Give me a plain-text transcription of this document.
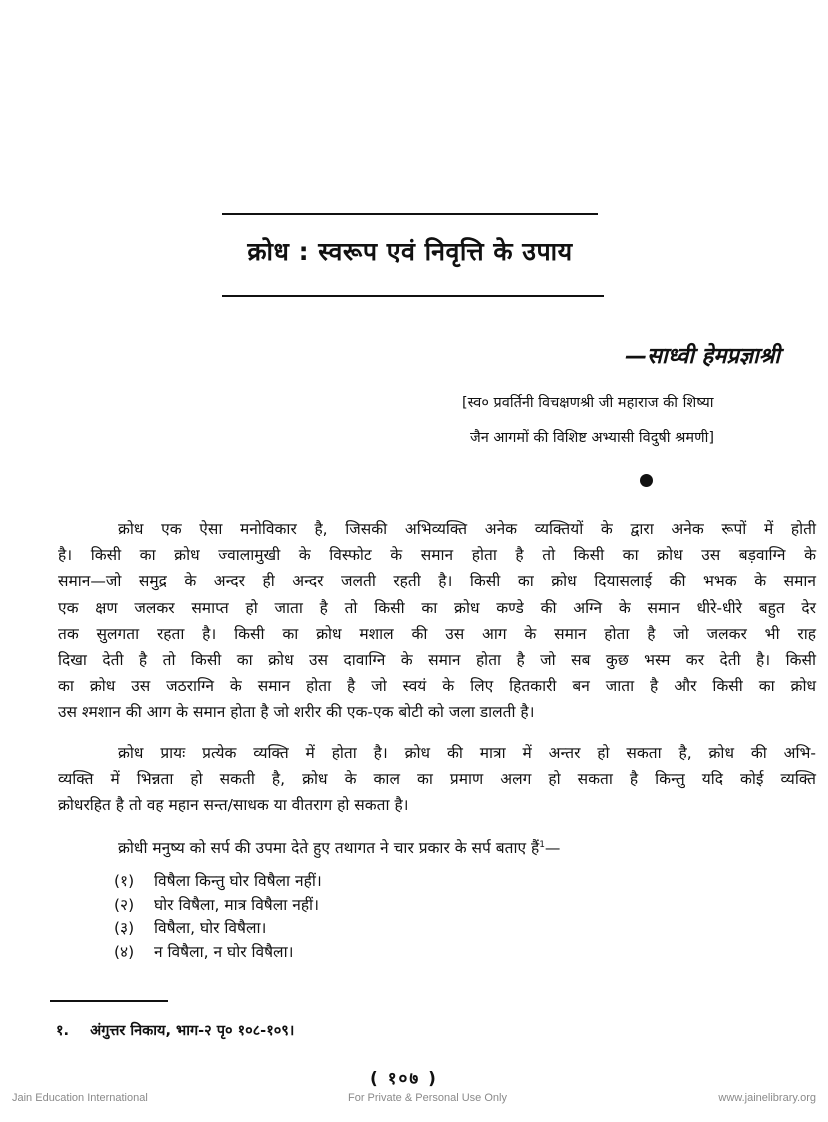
क्रोध : स्वरूप एवं निवृत्ति के उपाय
—साध्वी हेमप्रज्ञाश्री
[स्व० प्रवर्तिनी विचक्षणश्री जी महाराज की शिष्या
जैन आगमों की विशिष्ट अभ्यासी विदुषी श्रमणी]
क्रोध एक ऐसा मनोविकार है, जिसकी अभिव्यक्ति अनेक व्यक्तियों के द्वारा अनेक रूपों में होती
है। किसी का क्रोध ज्वालामुखी के विस्फोट के समान होता है तो किसी का क्रोध उस बड़वाग्नि के
समान—जो समुद्र के अन्दर ही अन्दर जलती रहती है। किसी का क्रोध दियासलाई की भभक के समान
एक क्षण जलकर समाप्त हो जाता है तो किसी का क्रोध कण्डे की अग्नि के समान धीरे-धीरे बहुत देर
तक सुलगता रहता है। किसी का क्रोध मशाल की उस आग के समान होता है जो जलकर भी राह
दिखा देती है तो किसी का क्रोध उस दावाग्नि के समान होता है जो सब कुछ भस्म कर देती है। किसी
का क्रोध उस जठराग्नि के समान होता है जो स्वयं के लिए हितकारी बन जाता है और किसी का क्रोध
उस श्मशान की आग के समान होता है जो शरीर की एक-एक बोटी को जला डालती है।
क्रोध प्रायः प्रत्येक व्यक्ति में होता है। क्रोध की मात्रा में अन्तर हो सकता है, क्रोध की अभि-
व्यक्ति में भिन्नता हो सकती है, क्रोध के काल का प्रमाण अलग हो सकता है किन्तु यदि कोई व्यक्ति
क्रोधरहित है तो वह महान सन्त/साधक या वीतराग हो सकता है।
क्रोधी मनुष्य को सर्प की उपमा देते हुए तथागत ने चार प्रकार के सर्प बताए हैं$^1$—
(१) विषैला किन्तु घोर विषैला नहीं।
(२) घोर विषैला, मात्र विषैला नहीं।
(३) विषैला, घोर विषैला।
(४) न विषैला, न घोर विषैला।
१. अंगुत्तर निकाय, भाग-२ पृ० १०८-१०९।
( १०७ )
Jain Education International	For Private & Personal Use Only	www.jainelibrary.org
